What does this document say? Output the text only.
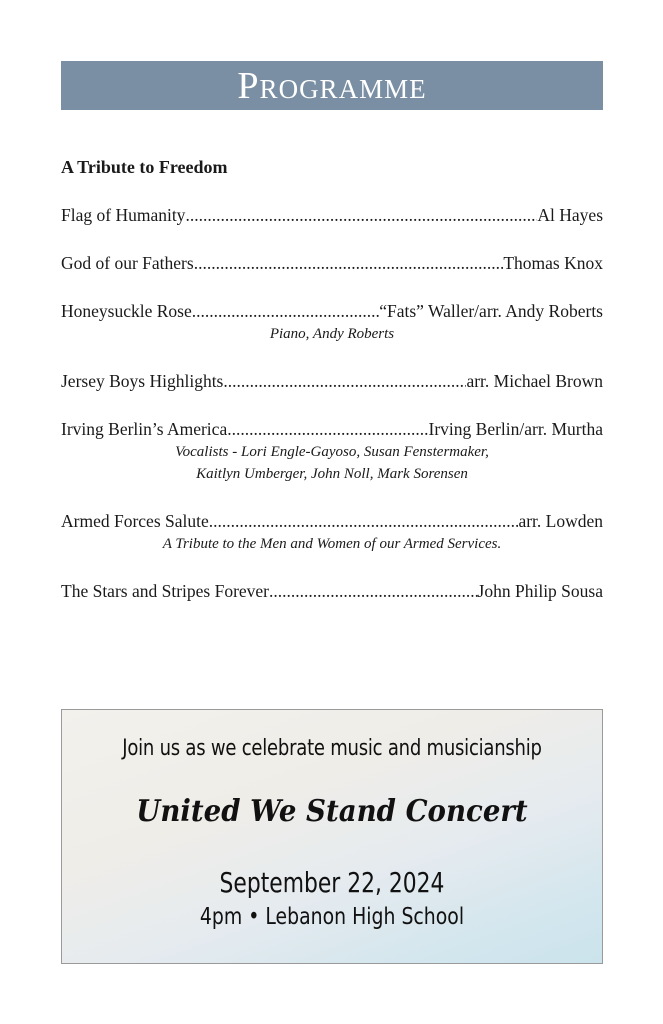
Programme
A Tribute to Freedom
Flag of Humanity .....	Al Hayes
God of our Fathers .....	Thomas Knox
Honeysuckle Rose .....	“Fats” Waller/arr. Andy Roberts
Piano, Andy Roberts
Jersey Boys Highlights .....	arr. Michael Brown
Irving Berlin’s America .....	Irving Berlin/arr. Murtha
Vocalists - Lori Engle-Gayoso, Susan Fenstermaker,
Kaitlyn Umberger, John Noll, Mark Sorensen
Armed Forces Salute .....	arr. Lowden
A Tribute to the Men and Women of our Armed Services.
The Stars and Stripes Forever .....	John Philip Sousa
Join us as we celebrate music and musicianship
United We Stand Concert
September 22, 2024
4pm • Lebanon High School
